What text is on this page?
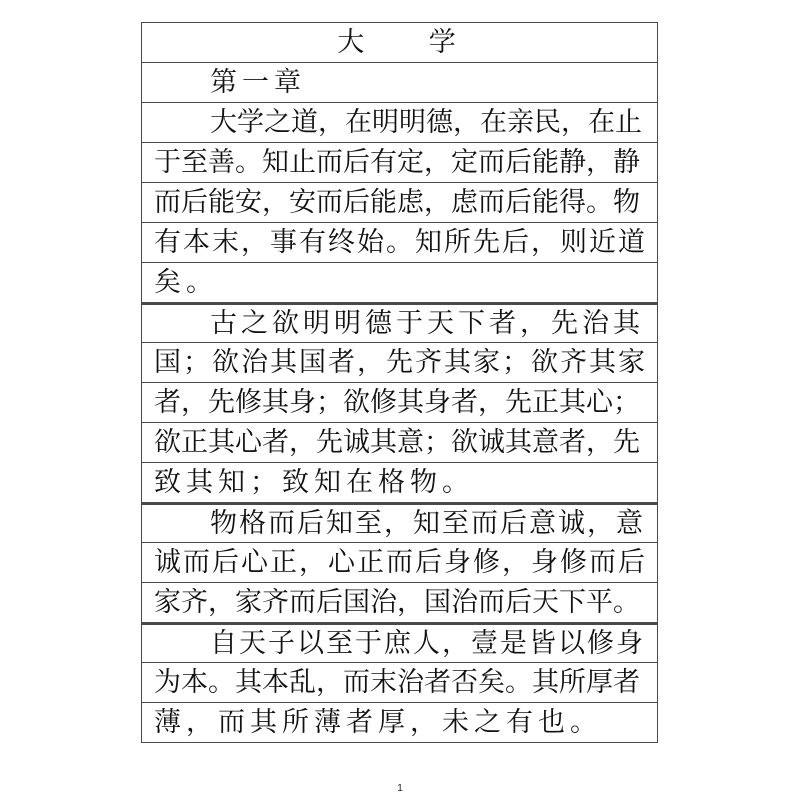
大 学
第一章
大学之道，在明明德，在亲民，在止
于至善。知止而后有定，定而后能静，静
而后能安，安而后能虑，虑而后能得。物
有本末，事有终始。知所先后，则近道
矣。
古之欲明明德于天下者，先治其
国；欲治其国者，先齐其家；欲齐其家
者，先修其身；欲修其身者，先正其心；
欲正其心者，先诚其意；欲诚其意者，先
致其知；致知在格物。
物格而后知至，知至而后意诚，意
诚而后心正，心正而后身修，身修而后
家齐，家齐而后国治，国治而后天下平。
自天子以至于庶人，壹是皆以修身
为本。其本乱，而末治者否矣。其所厚者
薄，而其所薄者厚，未之有也。
1
